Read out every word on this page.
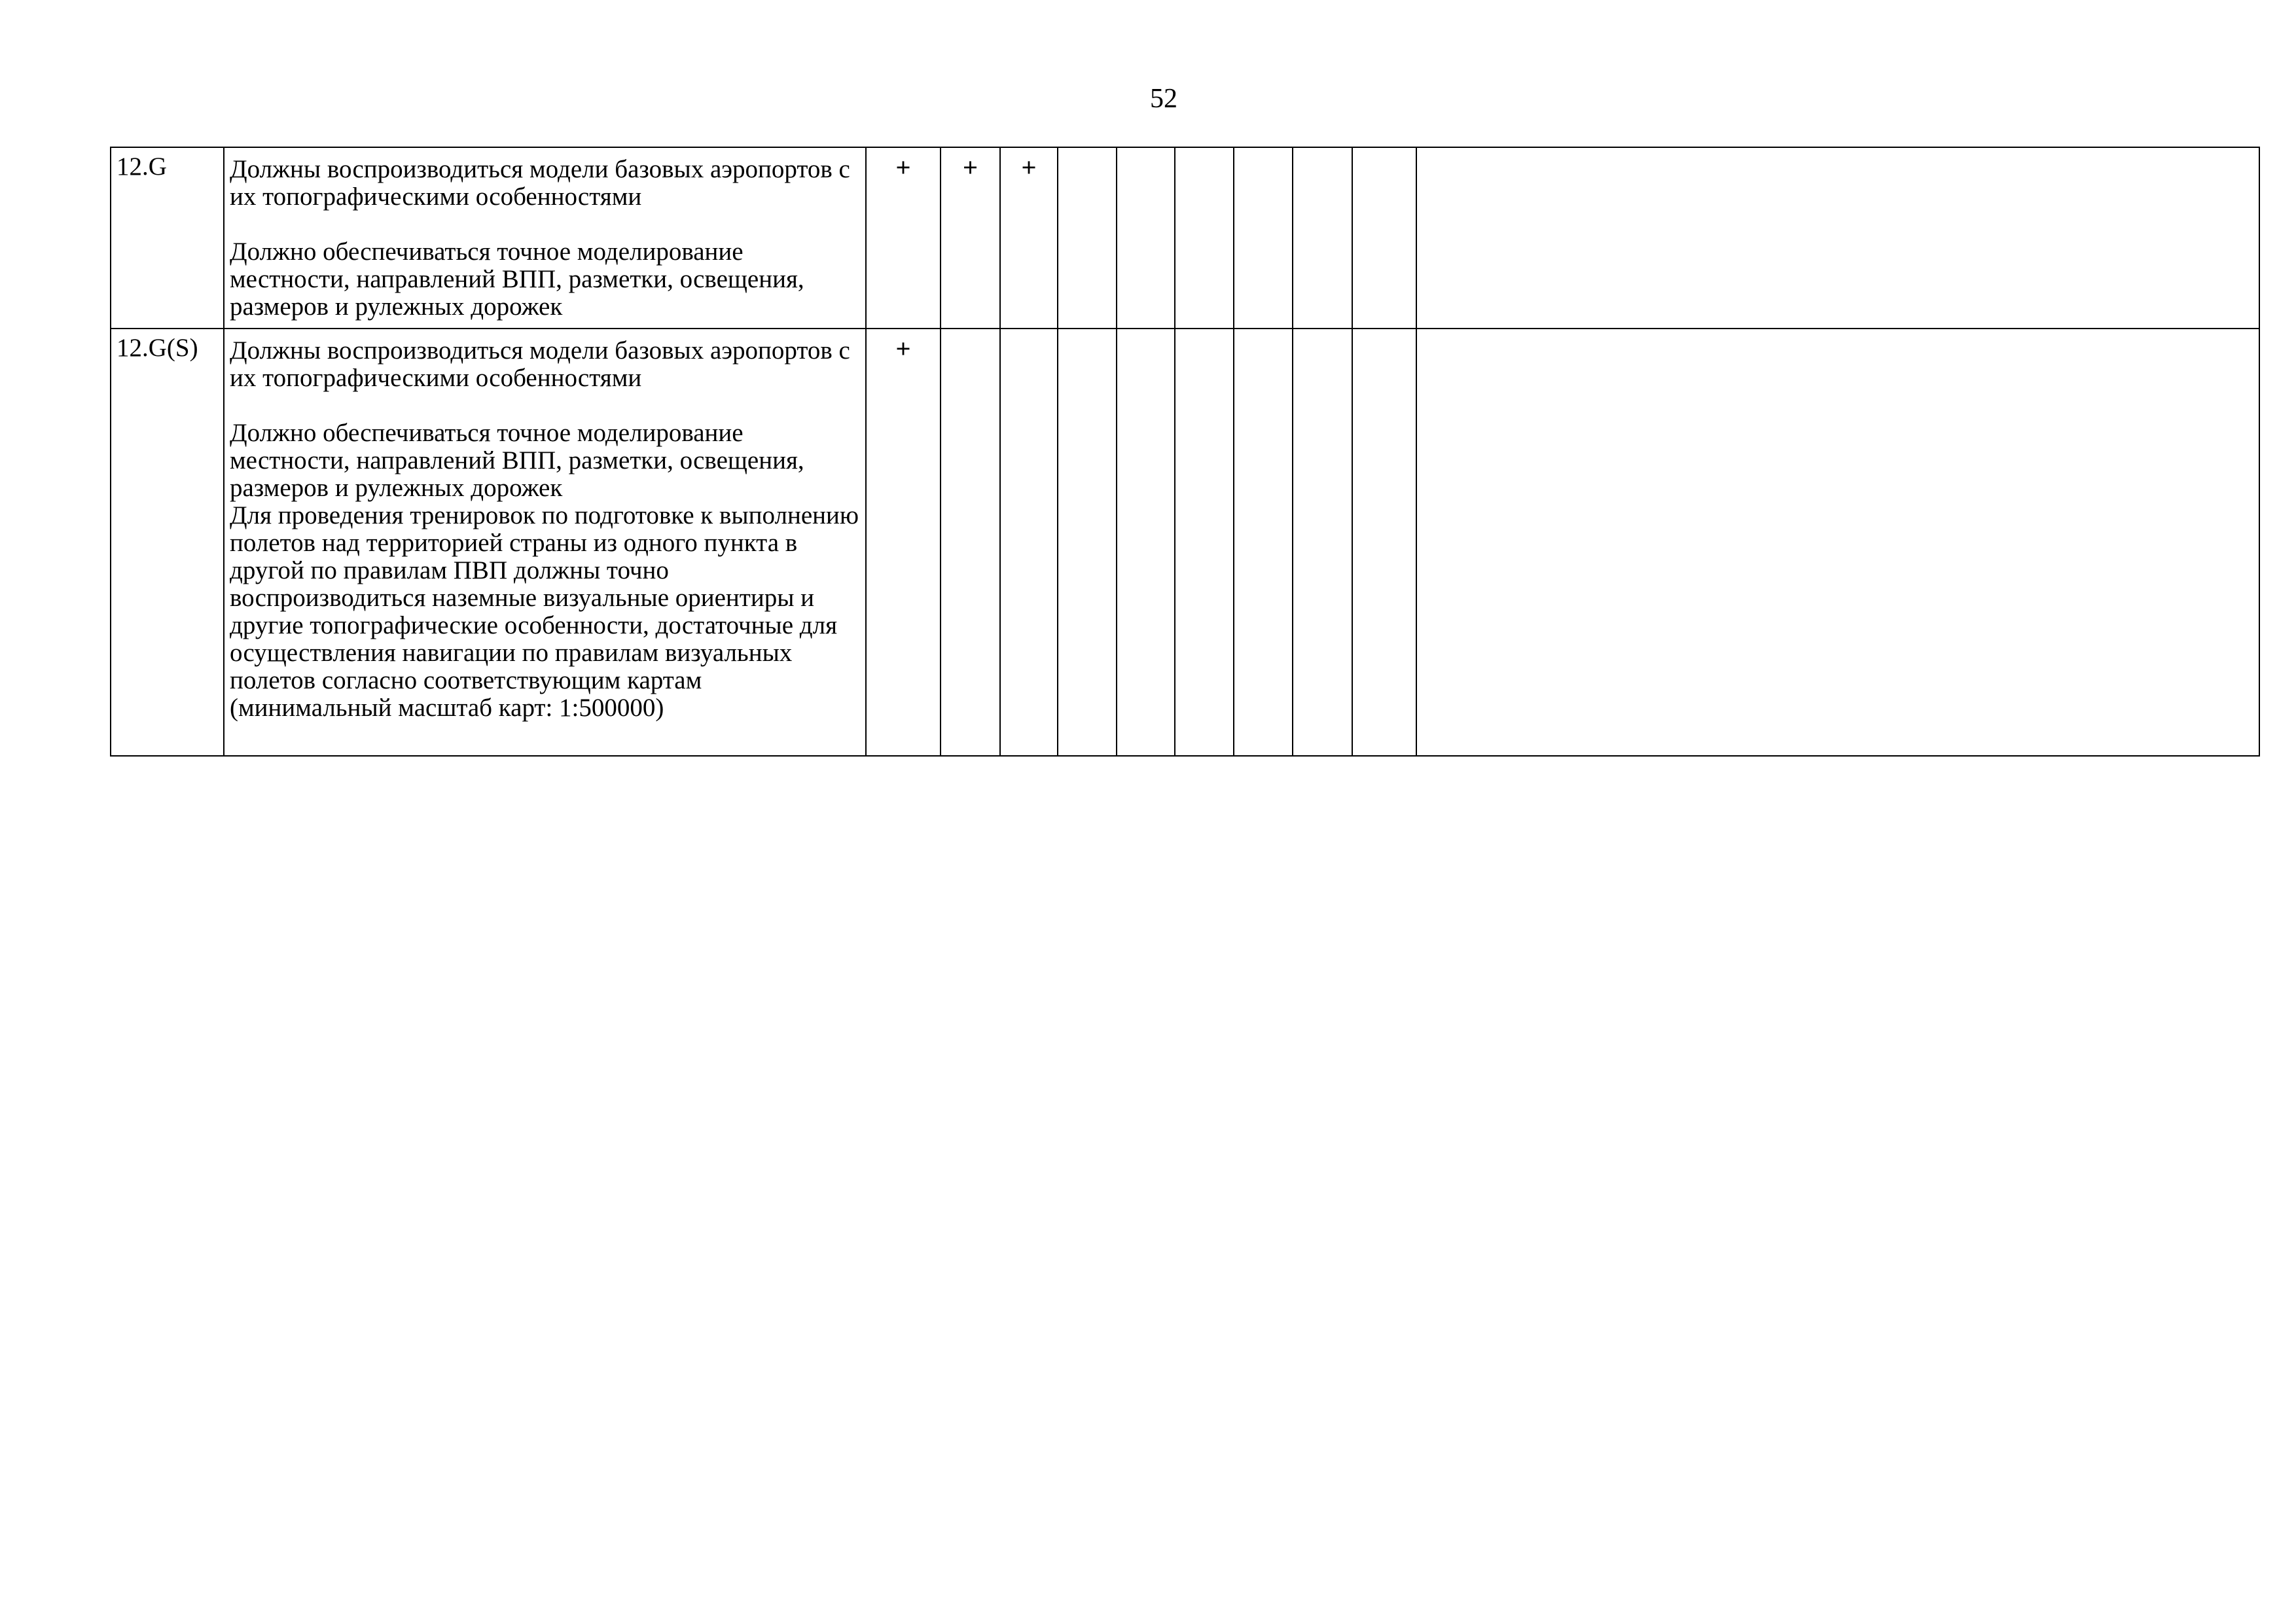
52
12.G	Должны воспроизводиться модели базовых аэропортов с их топографическими особенностями
Должно обеспечиваться точное моделирование местности, направлений ВПП, разметки, освещения, размеров и рулежных дорожек	+	+	+							
12.G(S)	Должны воспроизводиться модели базовых аэропортов с их топографическими особенностями
Должно обеспечиваться точное моделирование местности, направлений ВПП, разметки, освещения, размеров и рулежных дорожек
Для проведения тренировок по подготовке к выполнению полетов над территорией страны из одного пункта в другой по правилам ПВП должны точно воспроизводиться наземные визуальные ориентиры и другие топографические особенности, достаточные для осуществления навигации по правилам визуальных полетов согласно соответствующим картам (минимальный масштаб карт: 1:500000)	+									
